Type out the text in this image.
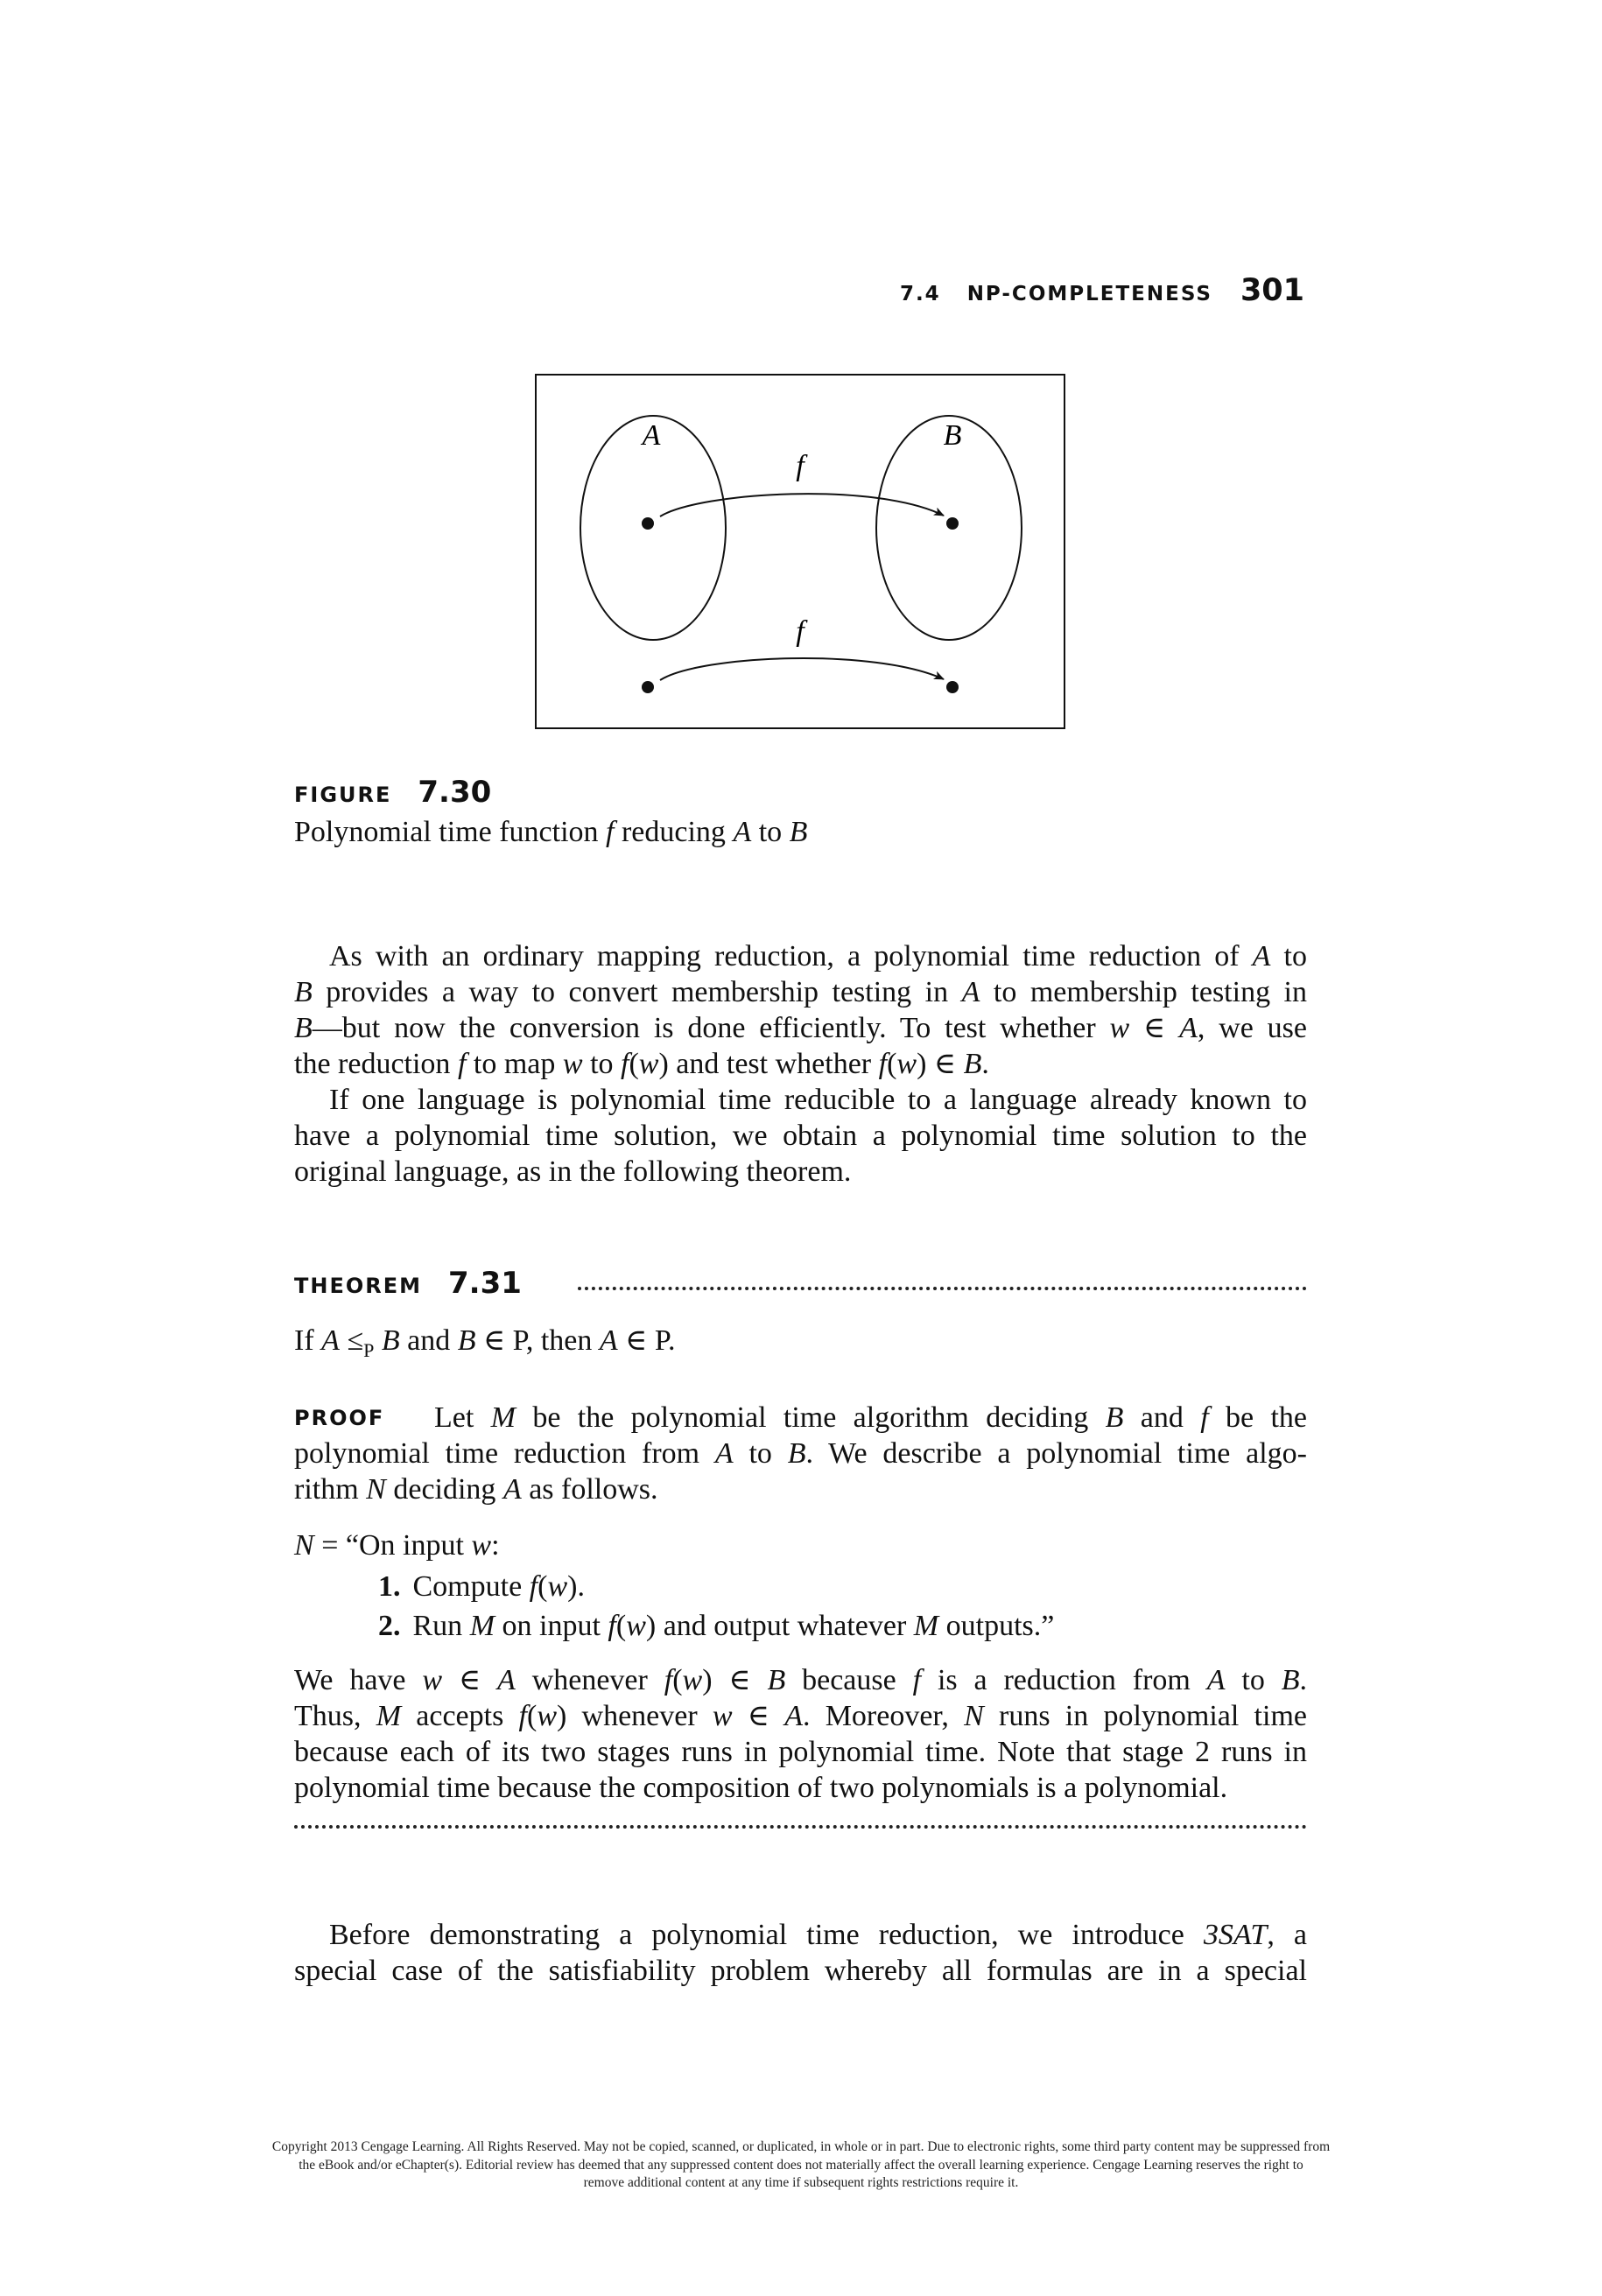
7.4 NP-COMPLETENESS 301
A	B
f
f
FIGURE 7.30
Polynomial time function f reducing A to B
As with an ordinary mapping reduction, a polynomial time reduction of A to
B provides a way to convert membership testing in A to membership testing in
B—but now the conversion is done efficiently. To test whether w ∈ A, we use
the reduction f to map w to f(w) and test whether f(w) ∈ B.
If one language is polynomial time reducible to a language already known to
have a polynomial time solution, we obtain a polynomial time solution to the
original language, as in the following theorem.
THEOREM 7.31
If $A \le_P$ B and B ∈ P, then A ∈ P.
PROOF	Let M be the polynomial time algorithm deciding B and f be the
polynomial time reduction from A to B. We describe a polynomial time algo-
rithm N deciding A as follows.
N = “On input w:
1. Compute f(w).
2. Run M on input f(w) and output whatever M outputs.”
We have w ∈ A whenever f(w) ∈ B because f is a reduction from A to B.
Thus, M accepts f(w) whenever w ∈ A. Moreover, N runs in polynomial time
because each of its two stages runs in polynomial time. Note that stage 2 runs in
polynomial time because the composition of two polynomials is a polynomial.
Before demonstrating a polynomial time reduction, we introduce 3SAT, a
special case of the satisfiability problem whereby all formulas are in a special
Copyright 2013 Cengage Learning. All Rights Reserved. May not be copied, scanned, or duplicated, in whole or in part. Due to electronic rights, some third party content may be suppressed from
the eBook and/or eChapter(s). Editorial review has deemed that any suppressed content does not materially affect the overall learning experience. Cengage Learning reserves the right to
remove additional content at any time if subsequent rights restrictions require it.
